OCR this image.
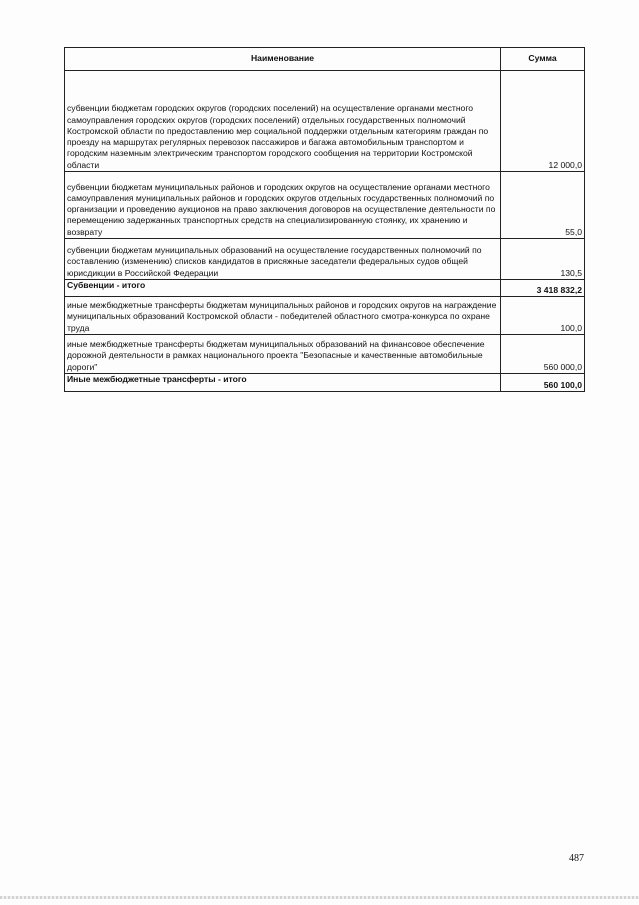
Наименование	Сумма
субвенции бюджетам городских округов (городских поселений) на осуществление органами местного самоуправления городских округов (городских поселений) отдельных государственных полномочий Костромской области по предоставлению мер социальной поддержки отдельным категориям граждан по проезду на маршрутах регулярных перевозок пассажиров и багажа автомобильным транспортом и городским наземным электрическим транспортом городского сообщения на территории Костромской области	12 000,0
субвенции бюджетам муниципальных районов и городских округов на осуществление органами местного самоуправления муниципальных районов и городских округов отдельных государственных полномочий по организации и проведению аукционов на право заключения договоров на осуществление деятельности по перемещению задержанных транспортных средств на специализированную стоянку, их хранению и возврату	55,0
субвенции бюджетам муниципальных образований на осуществление государственных полномочий по составлению (изменению) списков кандидатов в присяжные заседатели федеральных судов общей юрисдикции в Российской Федерации	130,5
Субвенции - итого	3 418 832,2
иные межбюджетные трансферты бюджетам муниципальных районов и городских округов на награждение муниципальных образований Костромской области - победителей областного смотра-конкурса по охране труда	100,0
иные межбюджетные трансферты бюджетам муниципальных образований на финансовое обеспечение дорожной деятельности в рамках национального проекта "Безопасные и качественные автомобильные дороги"	560 000,0
Иные межбюджетные трансферты - итого	560 100,0
487
